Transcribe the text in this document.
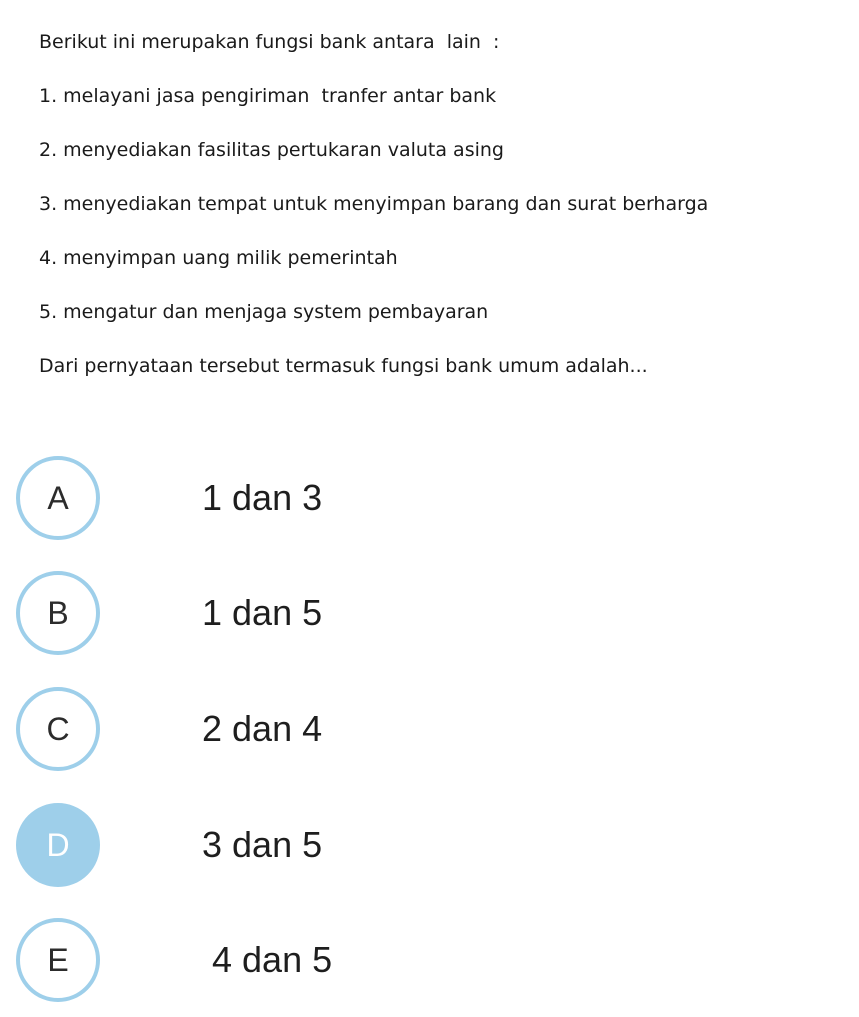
Berikut ini merupakan fungsi bank antara  lain  :

1. melayani jasa pengiriman  tranfer antar bank

2. menyediakan fasilitas pertukaran valuta asing

3. menyediakan tempat untuk menyimpan barang dan surat berharga

4. menyimpan uang milik pemerintah

5. mengatur dan menjaga system pembayaran

Dari pernyataan tersebut termasuk fungsi bank umum adalah...

A	1 dan 3
B	1 dan 5
C	2 dan 4
D	3 dan 5
E	4 dan 5
